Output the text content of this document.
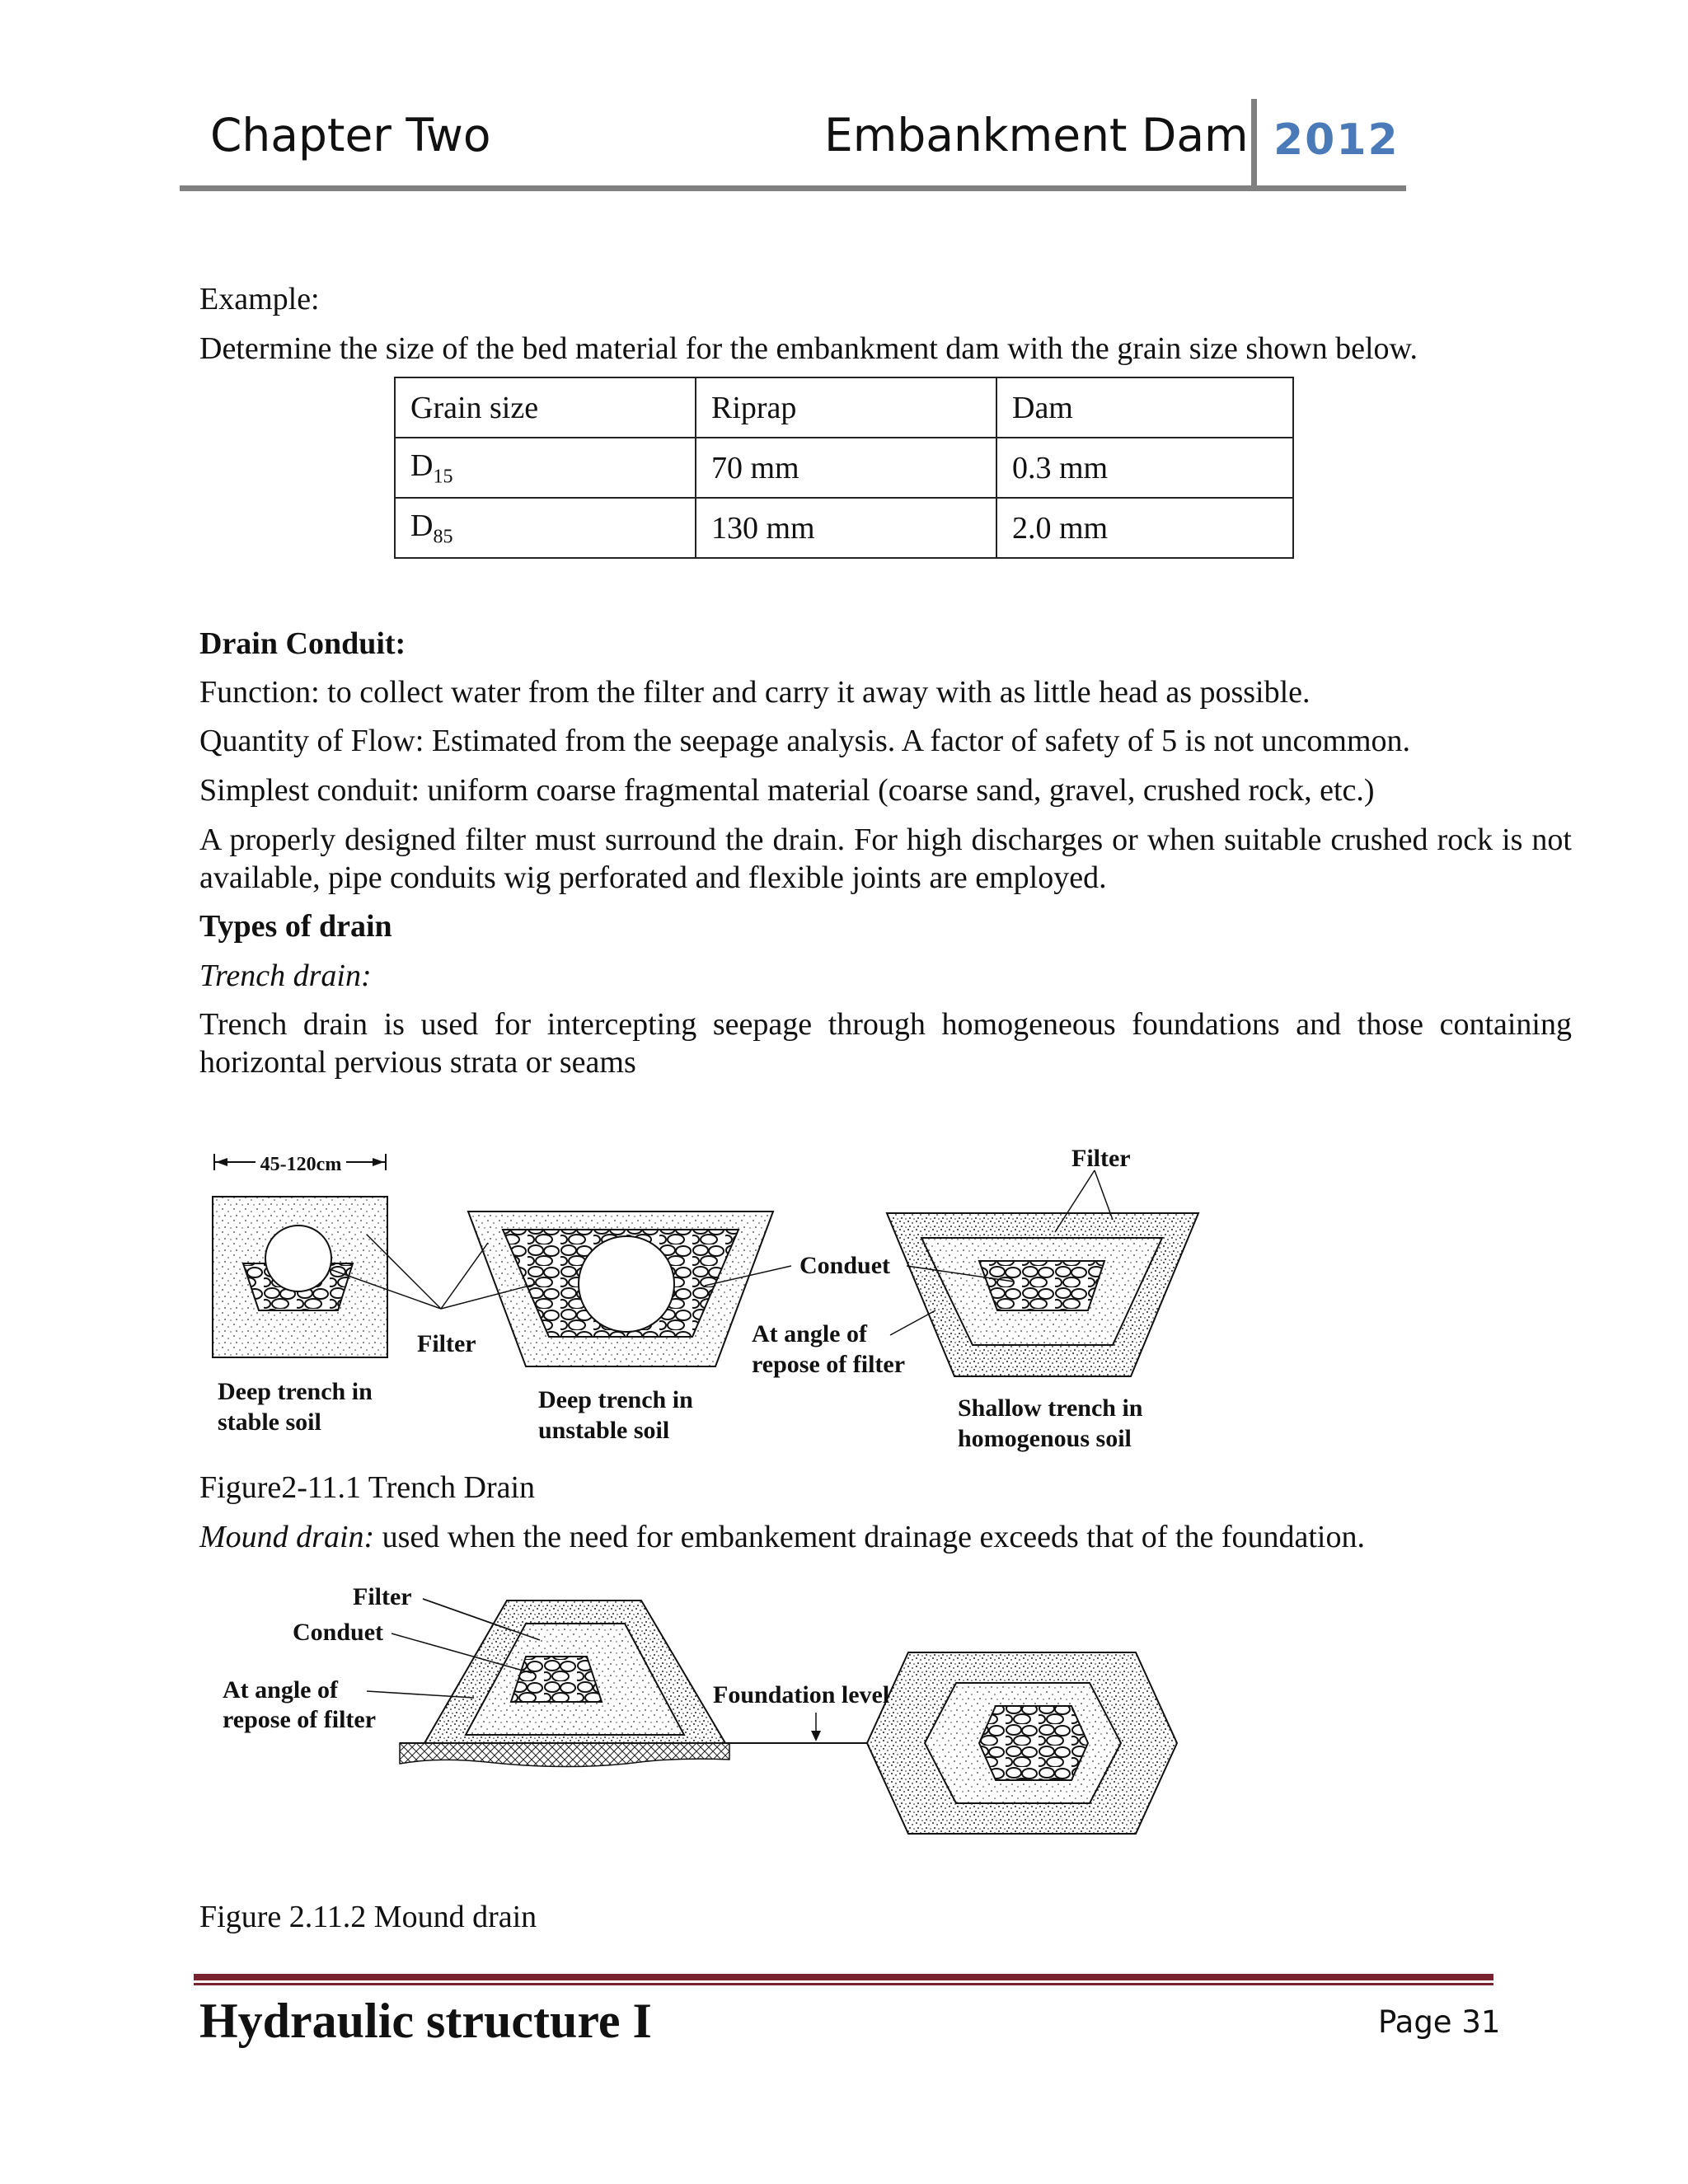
Chapter Two	Embankment Dam 2012
Example:
Determine the size of the bed material for the embankment dam with the grain size shown below.
Grain size	Riprap	Dam
$D_{15}$	70 mm	0.3 mm
$D_{85}$	130 mm	2.0 mm
Drain Conduit:
Function: to collect water from the filter and carry it away with as little head as possible.
Quantity of Flow: Estimated from the seepage analysis. A factor of safety of 5 is not uncommon.
Simplest conduit: uniform coarse fragmental material (coarse sand, gravel, crushed rock, etc.)
A properly designed filter must surround the drain. For high discharges or when suitable crushed rock is not available, pipe conduits wig perforated and flexible joints are employed.
Types of drain
Trench drain:
Trench drain is used for intercepting seepage through homogeneous foundations and those containing horizontal pervious strata or seams
45-120cm
Filter
Filter
Conduet
At angle of
repose of filter
Deep trench in
stable soil
Deep trench in
unstable soil
Shallow trench in
homogenous soil
Figure2-11.1 Trench Drain
Mound drain: used when the need for embankement drainage exceeds that of the foundation.
Filter
Conduet
At angle of
repose of filter
Foundation level
Figure 2.11.2 Mound drain
Hydraulic structure I	Page 31
